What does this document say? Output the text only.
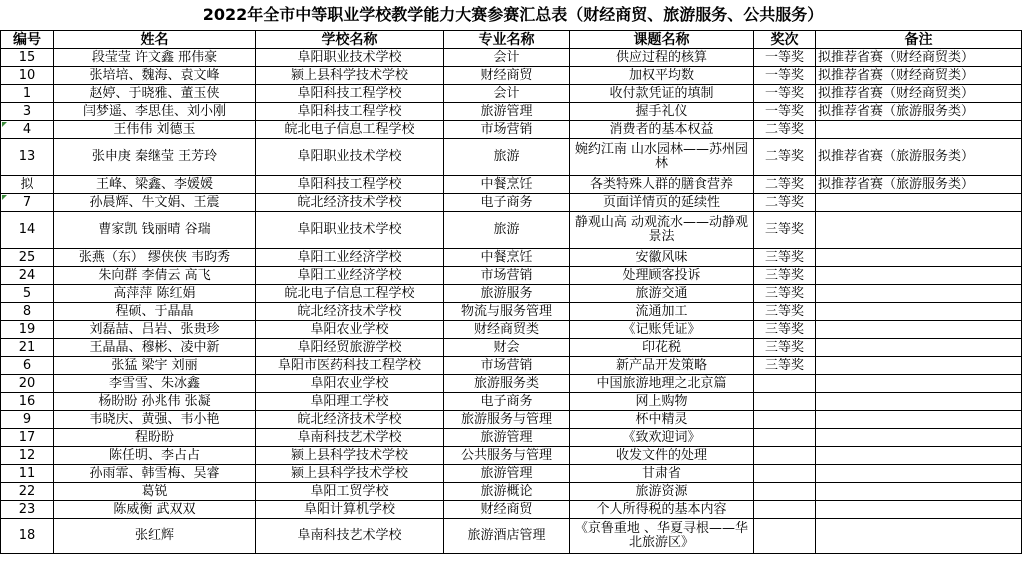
2022年全市中等职业学校教学能力大赛参赛汇总表（财经商贸、旅游服务、公共服务）
编号	姓名	学校名称	专业名称	课题名称	奖次	备注
15	段莹莹 许文鑫 邢伟豪	阜阳职业技术学校	会计	供应过程的核算	一等奖	拟推荐省赛（财经商贸类）
10	张培培、魏海、袁文峰	颍上县科学技术学校	财经商贸	加权平均数	一等奖	拟推荐省赛（财经商贸类）
1	赵婷、于晓雅、董玉侠	阜阳科技工程学校	会计	收付款凭证的填制	一等奖	拟推荐省赛（财经商贸类）
3	闫梦遥、李思佳、刘小刚	阜阳科技工程学校	旅游管理	握手礼仪	一等奖	拟推荐省赛（旅游服务类）
4	王伟伟 刘德玉	皖北电子信息工程学校	市场营销	消费者的基本权益	二等奖	
13	张申庚 秦继莹 王芳玲	阜阳职业技术学校	旅游	婉约江南 山水园林——苏州园林	二等奖	拟推荐省赛（旅游服务类）
拟	王峰、梁鑫、李媛媛	阜阳科技工程学校	中餐烹饪	各类特殊人群的膳食营养	二等奖	拟推荐省赛（旅游服务类）
7	孙晨辉、牛文娟、王震	皖北经济技术学校	电子商务	页面详情页的延续性	二等奖	
14	曹家凯 钱丽晴 谷瑞	阜阳职业技术学校	旅游	静观山高 动观流水——动静观景法	三等奖	
25	张燕（东） 缪侠侠 韦昀秀	阜阳工业经济学校	中餐烹饪	安徽风味	三等奖	
24	朱向群 李倩云 高飞	阜阳工业经济学校	市场营销	处理顾客投诉	三等奖	
5	高萍萍 陈红娟	皖北电子信息工程学校	旅游服务	旅游交通	三等奖	
8	程硕、于晶晶	皖北经济技术学校	物流与服务管理	流通加工	三等奖	
19	刘磊喆、吕岩、张贵珍	阜阳农业学校	财经商贸类	《记账凭证》	三等奖	
21	王晶晶、穆彬、凌中新	阜阳经贸旅游学校	财会	印花税	三等奖	
6	张猛 梁宇 刘丽	阜阳市医药科技工程学校	市场营销	新产品开发策略	三等奖	
20	李雪雪、朱冰鑫	阜阳农业学校	旅游服务类	中国旅游地理之北京篇		
16	杨盼盼 孙兆伟 张凝	阜阳理工学校	电子商务	网上购物		
9	韦晓庆、黄强、韦小艳	皖北经济技术学校	旅游服务与管理	杯中精灵		
17	程盼盼	阜南科技艺术学校	旅游管理	《致欢迎词》		
12	陈任明、李占占	颍上县科学技术学校	公共服务与管理	收发文件的处理		
11	孙雨霏、韩雪梅、吴睿	颍上县科学技术学校	旅游管理	甘肃省		
22	葛锐	阜阳工贸学校	旅游概论	旅游资源		
23	陈威衡 武双双	阜阳计算机学校	财经商贸	个人所得税的基本内容		
18	张红辉	阜南科技艺术学校	旅游酒店管理	《京鲁重地 、华夏寻根——华北旅游区》		
